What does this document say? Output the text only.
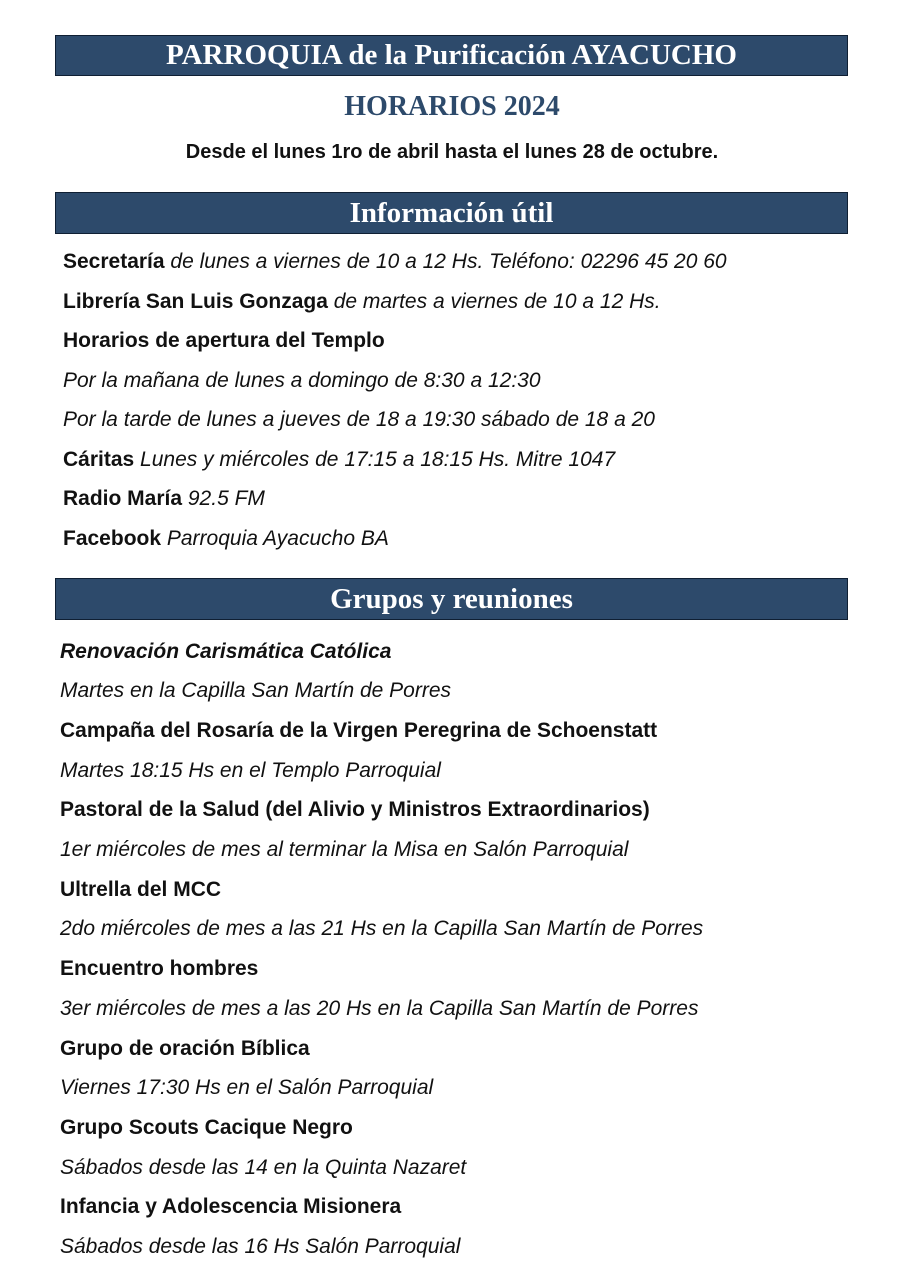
PARROQUIA de la Purificación AYACUCHO
HORARIOS 2024
Desde el lunes 1ro de abril hasta el lunes 28 de octubre.
Información útil
Secretaría de lunes a viernes de 10 a 12 Hs. Teléfono: 02296 45 20 60
Librería San Luis Gonzaga de martes a viernes de 10 a 12 Hs.
Horarios de apertura del Templo
Por la mañana de lunes a domingo de 8:30 a 12:30
Por la tarde de lunes a jueves de 18 a 19:30 sábado de 18 a 20
Cáritas Lunes y miércoles de 17:15 a 18:15 Hs. Mitre 1047
Radio María 92.5 FM
Facebook Parroquia Ayacucho BA
Grupos y reuniones
Renovación Carismática Católica
Martes en la Capilla San Martín de Porres
Campaña del Rosaría de la Virgen Peregrina de Schoenstatt
Martes 18:15 Hs en el Templo Parroquial
Pastoral de la Salud (del Alivio y Ministros Extraordinarios)
1er miércoles de mes al terminar la Misa en Salón Parroquial
Ultrella del MCC
2do miércoles de mes a las 21 Hs en la Capilla San Martín de Porres
Encuentro hombres
3er miércoles de mes a las 20 Hs en la Capilla San Martín de Porres
Grupo de oración Bíblica
Viernes 17:30 Hs en el Salón Parroquial
Grupo Scouts Cacique Negro
Sábados desde las 14 en la Quinta Nazaret
Infancia y Adolescencia Misionera
Sábados desde las 16 Hs Salón Parroquial
